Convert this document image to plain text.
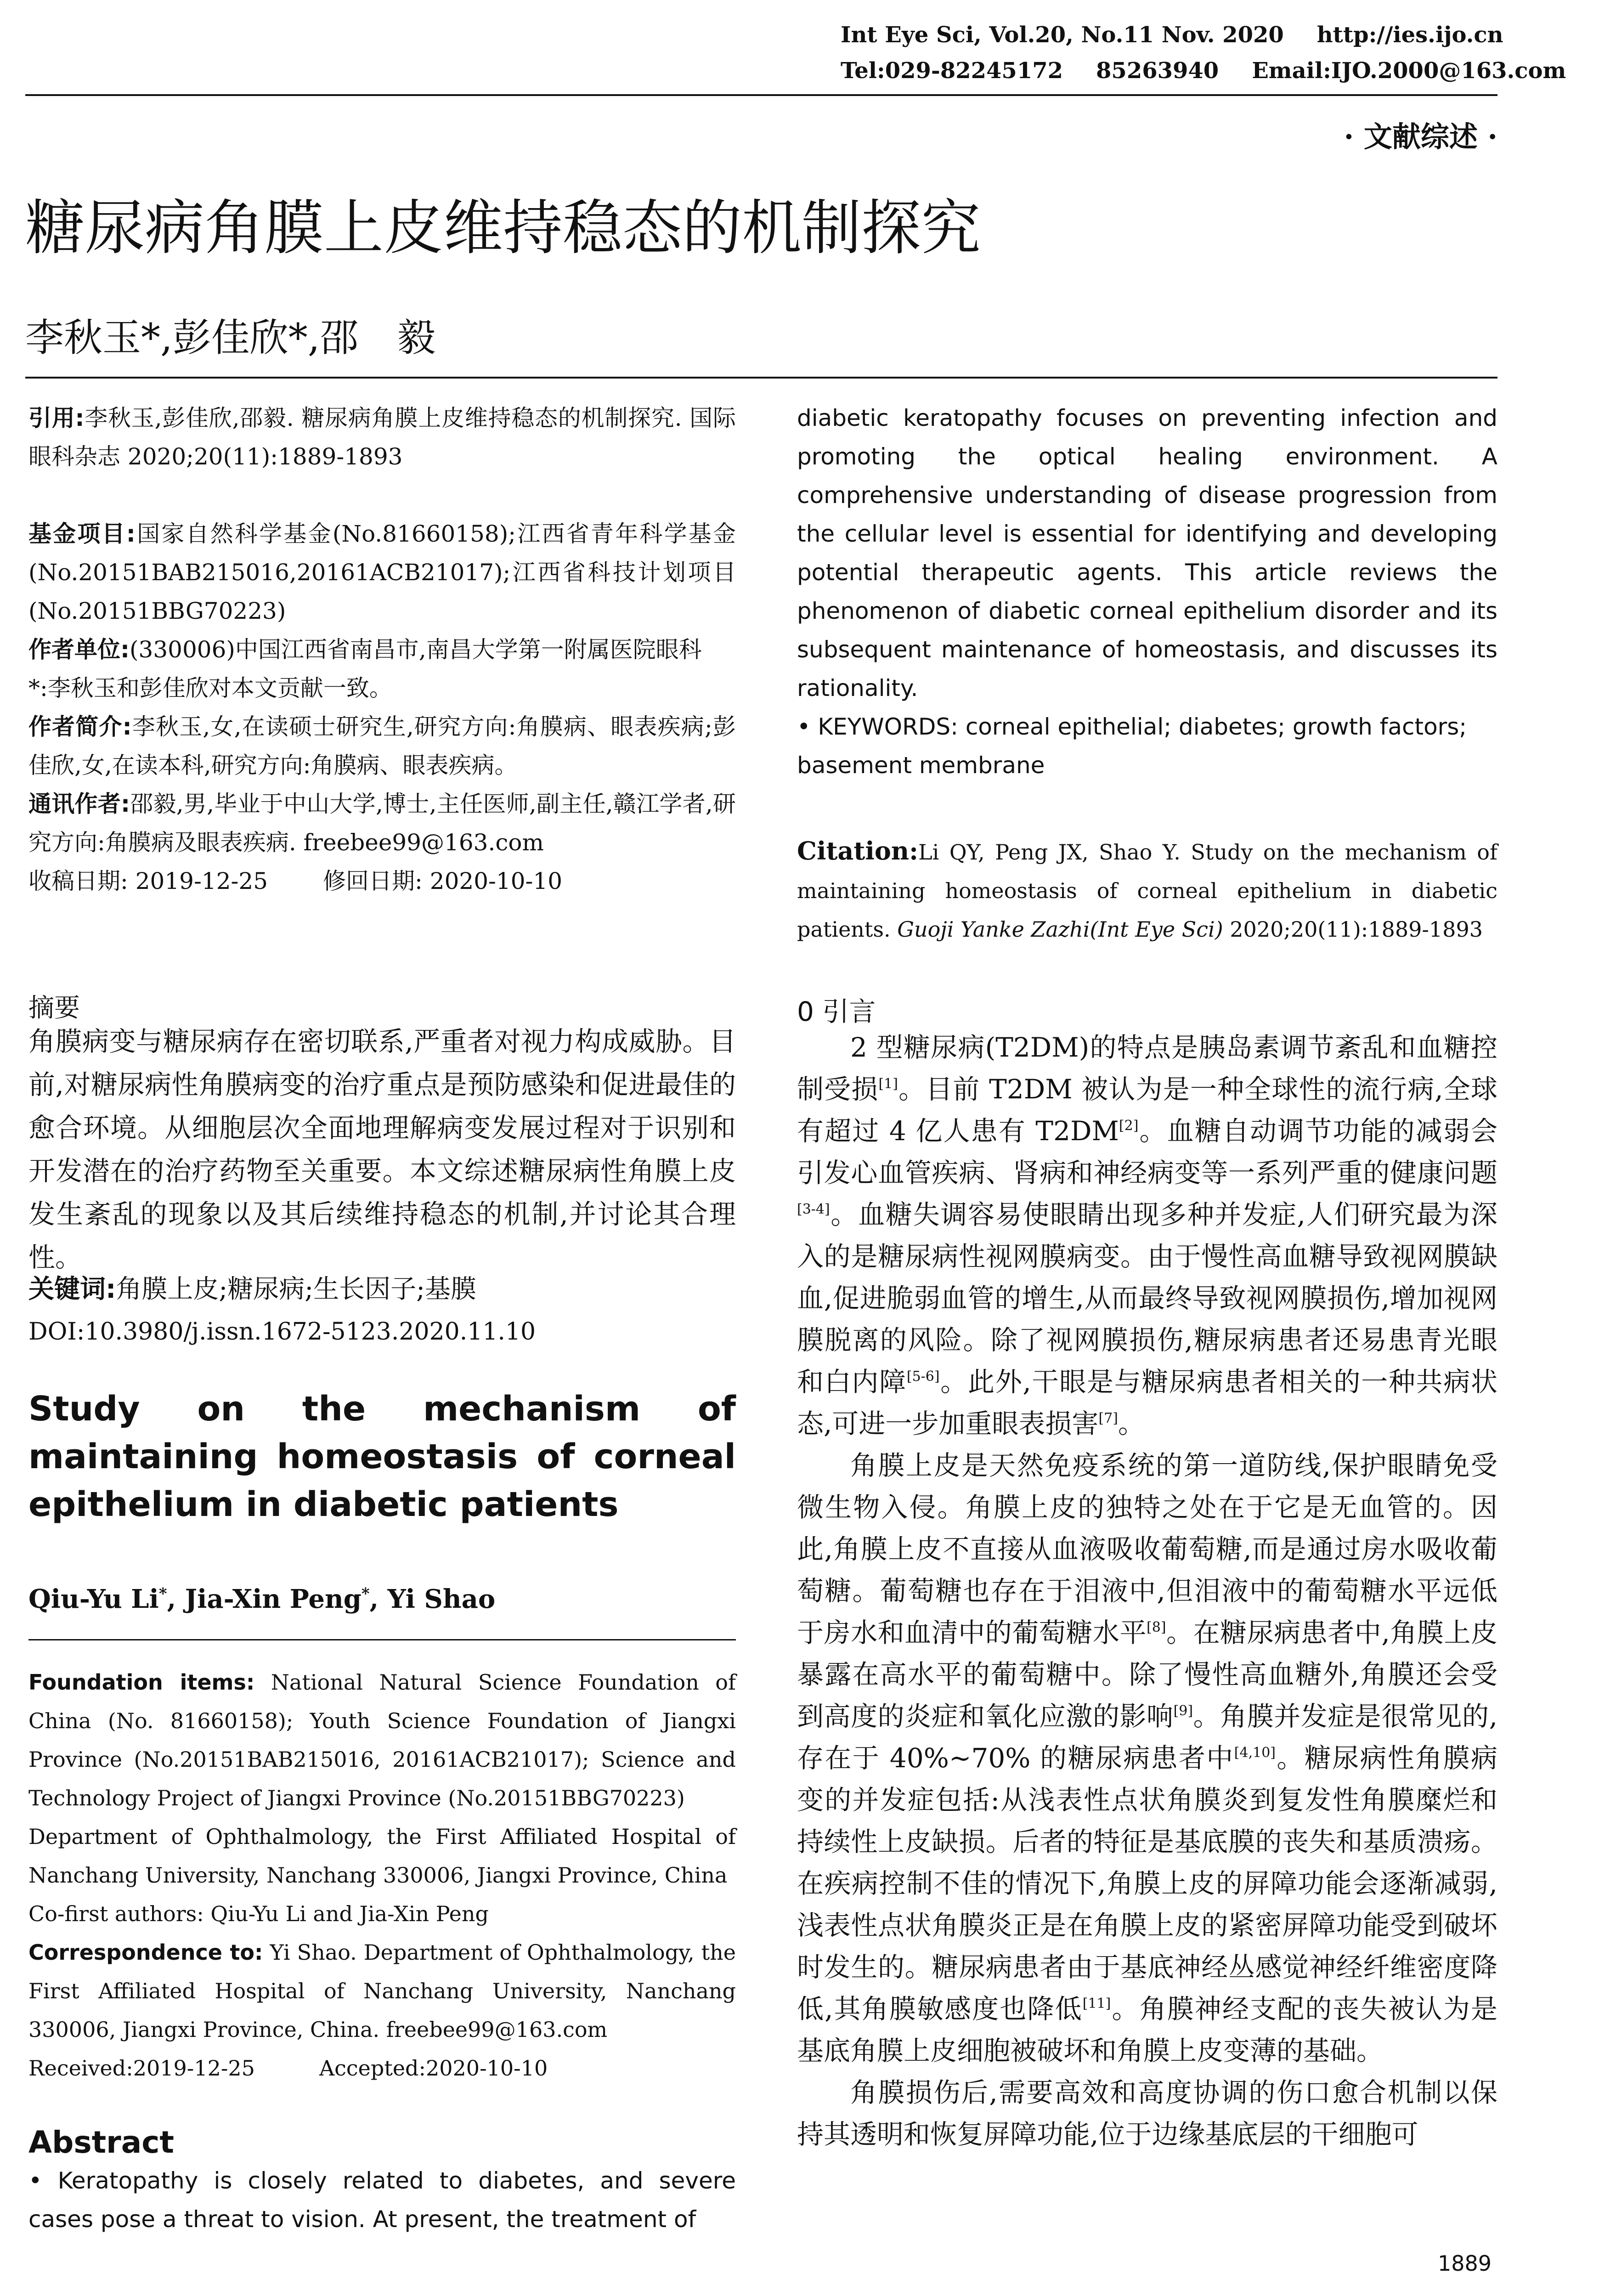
Int Eye Sci, Vol.20, No.11 Nov. 2020 http://ies.ijo.cn
Tel:029-82245172 85263940 Email:IJO.2000@163.com
· 文献综述 ·
糖尿病角膜上皮维持稳态的机制探究
李秋玉*,彭佳欣*,邵　毅
引用:李秋玉,彭佳欣,邵毅. 糖尿病角膜上皮维持稳态的机制探究. 国际眼科杂志 2020;20(11):1889-1893
基金项目:国家自然科学基金(No.81660158);江西省青年科学基金(No.20151BAB215016,20161ACB21017);江西省科技计划项目(No.20151BBG70223)
作者单位:(330006)中国江西省南昌市,南昌大学第一附属医院眼科
*:李秋玉和彭佳欣对本文贡献一致。
作者简介:李秋玉,女,在读硕士研究生,研究方向:角膜病、眼表疾病;彭佳欣,女,在读本科,研究方向:角膜病、眼表疾病。
通讯作者:邵毅,男,毕业于中山大学,博士,主任医师,副主任,赣江学者,研究方向:角膜病及眼表疾病. freebee99@163.com
收稿日期: 2019-12-25 修回日期: 2020-10-10
摘要
角膜病变与糖尿病存在密切联系,严重者对视力构成威胁。目前,对糖尿病性角膜病变的治疗重点是预防感染和促进最佳的愈合环境。从细胞层次全面地理解病变发展过程对于识别和开发潜在的治疗药物至关重要。本文综述糖尿病性角膜上皮发生紊乱的现象以及其后续维持稳态的机制,并讨论其合理性。
关键词:角膜上皮;糖尿病;生长因子;基膜
DOI:10.3980/j.issn.1672-5123.2020.11.10
Study on the mechanism of maintaining homeostasis of corneal epithelium in diabetic patients
Qiu-Yu Li*, Jia-Xin Peng*, Yi Shao
Foundation items: National Natural Science Foundation of China (No. 81660158); Youth Science Foundation of Jiangxi Province (No.20151BAB215016, 20161ACB21017); Science and Technology Project of Jiangxi Province (No.20151BBG70223)
Department of Ophthalmology, the First Affiliated Hospital of Nanchang University, Nanchang 330006, Jiangxi Province, China
Co-first authors: Qiu-Yu Li and Jia-Xin Peng
Correspondence to: Yi Shao. Department of Ophthalmology, the First Affiliated Hospital of Nanchang University, Nanchang 330006, Jiangxi Province, China. freebee99@163.com
Received:2019-12-25	Accepted:2020-10-10
Abstract
• Keratopathy is closely related to diabetes, and severe cases pose a threat to vision. At present, the treatment of
diabetic keratopathy focuses on preventing infection and promoting the optical healing environment. A comprehensive understanding of disease progression from the cellular level is essential for identifying and developing potential therapeutic agents. This article reviews the phenomenon of diabetic corneal epithelium disorder and its subsequent maintenance of homeostasis, and discusses its rationality.
• KEYWORDS: corneal epithelial; diabetes; growth factors; basement membrane
Citation:Li QY, Peng JX, Shao Y. Study on the mechanism of maintaining homeostasis of corneal epithelium in diabetic patients. Guoji Yanke Zazhi(Int Eye Sci) 2020;20(11):1889-1893
0 引言

2 型糖尿病(T2DM)的特点是胰岛素调节紊乱和血糖控制受损[1]。目前 T2DM 被认为是一种全球性的流行病,全球有超过 4 亿人患有 T2DM[2]。血糖自动调节功能的减弱会引发心血管疾病、肾病和神经病变等一系列严重的健康问题[3-4]。血糖失调容易使眼睛出现多种并发症,人们研究最为深入的是糖尿病性视网膜病变。由于慢性高血糖导致视网膜缺血,促进脆弱血管的增生,从而最终导致视网膜损伤,增加视网膜脱离的风险。除了视网膜损伤,糖尿病患者还易患青光眼和白内障[5-6]。此外,干眼是与糖尿病患者相关的一种共病状态,可进一步加重眼表损害[7]。

角膜上皮是天然免疫系统的第一道防线,保护眼睛免受微生物入侵。角膜上皮的独特之处在于它是无血管的。因此,角膜上皮不直接从血液吸收葡萄糖,而是通过房水吸收葡萄糖。葡萄糖也存在于泪液中,但泪液中的葡萄糖水平远低于房水和血清中的葡萄糖水平[8]。在糖尿病患者中,角膜上皮暴露在高水平的葡萄糖中。除了慢性高血糖外,角膜还会受到高度的炎症和氧化应激的影响[9]。角膜并发症是很常见的,存在于 40%~70% 的糖尿病患者中[4,10]。糖尿病性角膜病变的并发症包括:从浅表性点状角膜炎到复发性角膜糜烂和持续性上皮缺损。后者的特征是基底膜的丧失和基质溃疡。在疾病控制不佳的情况下,角膜上皮的屏障功能会逐渐减弱,浅表性点状角膜炎正是在角膜上皮的紧密屏障功能受到破坏时发生的。糖尿病患者由于基底神经丛感觉神经纤维密度降低,其角膜敏感度也降低[11]。角膜神经支配的丧失被认为是基底角膜上皮细胞被破坏和角膜上皮变薄的基础。

角膜损伤后,需要高效和高度协调的伤口愈合机制以保持其透明和恢复屏障功能,位于边缘基底层的干细胞可

1889
